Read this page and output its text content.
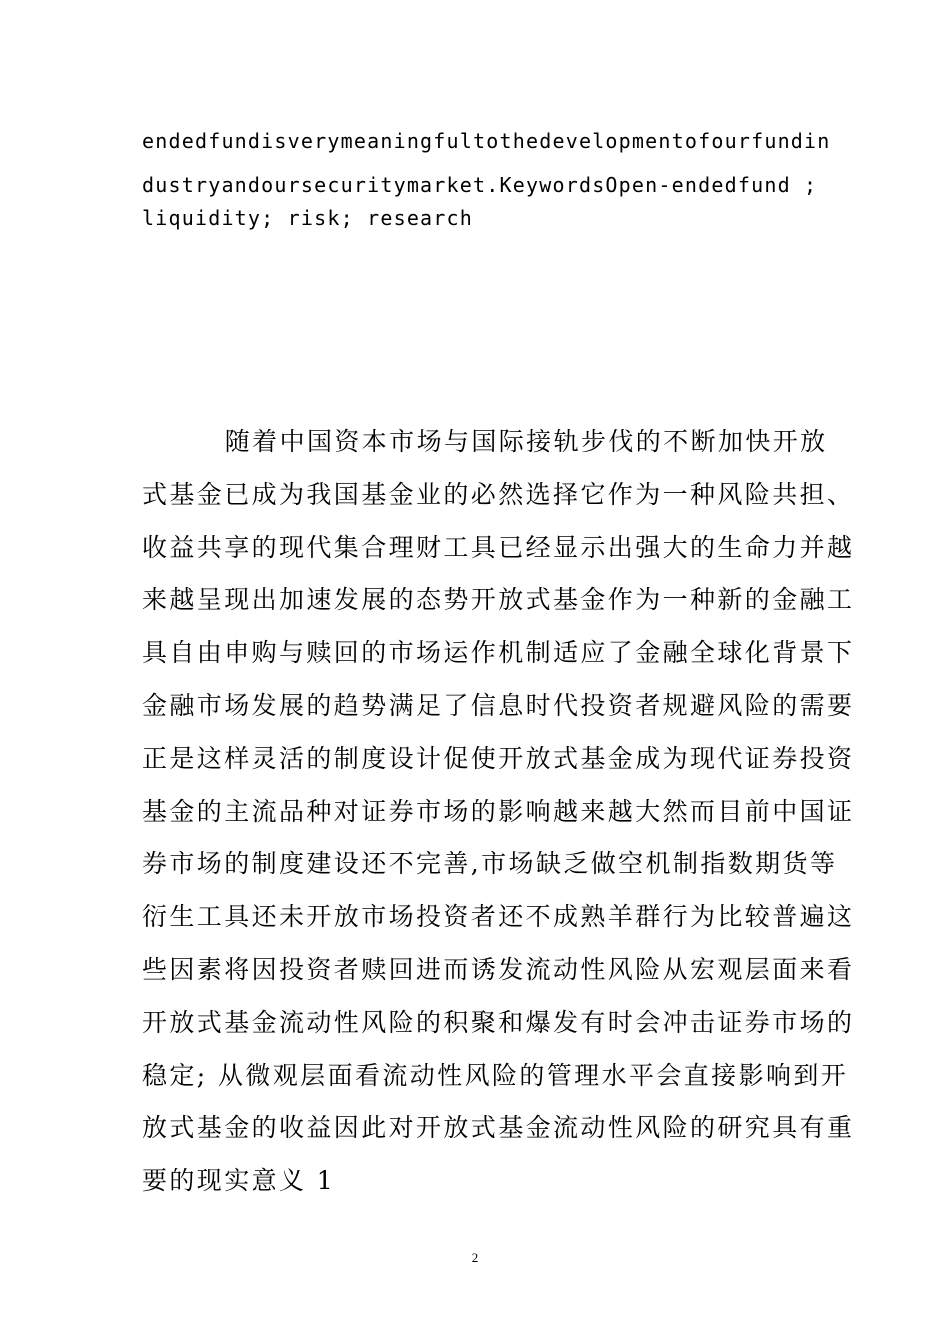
endedfundisverymeaningfultothedevelopmentofourfundin
dustryandoursecuritymarket.KeywordsOpen-endedfund ;
liquidity; risk; research
随着中国资本市场与国际接轨步伐的不断加快开放
式基金已成为我国基金业的必然选择它作为一种风险共担、
收益共享的现代集合理财工具已经显示出强大的生命力并越
来越呈现出加速发展的态势开放式基金作为一种新的金融工
具自由申购与赎回的市场运作机制适应了金融全球化背景下
金融市场发展的趋势满足了信息时代投资者规避风险的需要
正是这样灵活的制度设计促使开放式基金成为现代证券投资
基金的主流品种对证券市场的影响越来越大然而目前中国证
券市场的制度建设还不完善,市场缺乏做空机制指数期货等
衍生工具还未开放市场投资者还不成熟羊群行为比较普遍这
些因素将因投资者赎回进而诱发流动性风险从宏观层面来看
开放式基金流动性风险的积聚和爆发有时会冲击证券市场的
稳定; 从微观层面看流动性风险的管理水平会直接影响到开
放式基金的收益因此对开放式基金流动性风险的研究具有重
要的现实意义 1
2
